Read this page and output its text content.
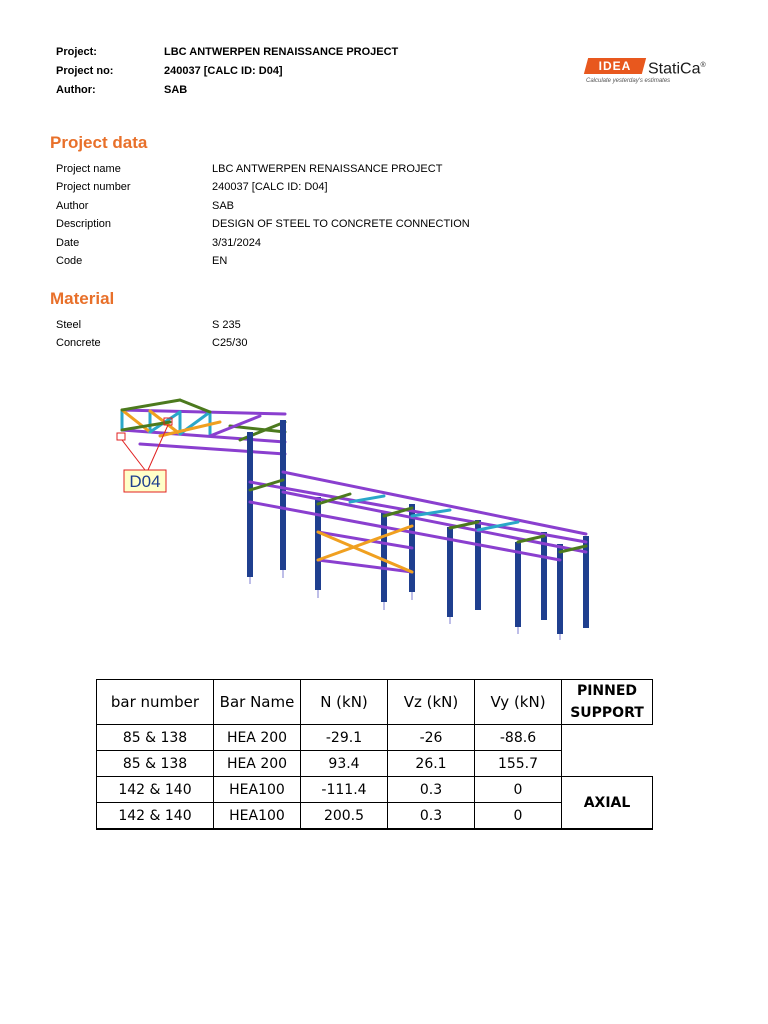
Project:	LBC ANTWERPEN RENAISSANCE PROJECT
Project no:	240037 [CALC ID: D04]
Author:	SAB
IDEA	StatiCa®
Calculate yesterday's estimates
Project data
Project name	LBC ANTWERPEN RENAISSANCE PROJECT
Project number	240037 [CALC ID: D04]
Author	SAB
Description	DESIGN OF STEEL TO CONCRETE CONNECTION
Date	3/31/2024
Code	EN
Material
Steel	S 235
Concrete	C25/30
D04
bar number	Bar Name	N (kN)	Vz (kN)	Vy (kN)	PINNED SUPPORT
85 & 138	HEA 200	-29.1	-26	-88.6	
85 & 138	HEA 200	93.4	26.1	155.7	
142 & 140	HEA100	-111.4	0.3	0	AXIAL
142 & 140	HEA100	200.5	0.3	0	
